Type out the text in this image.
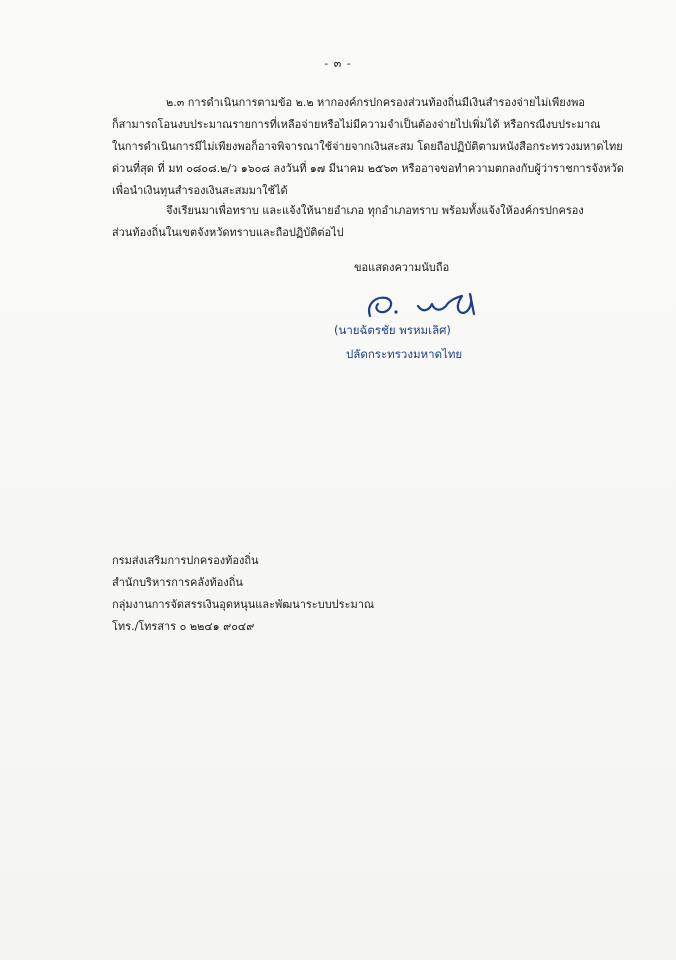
- ๓ -
๒.๓ การดำเนินการตามข้อ ๒.๒ หากองค์กรปกครองส่วนท้องถิ่นมีเงินสำรองจ่ายไม่เพียงพอ
ก็สามารถโอนงบประมาณรายการที่เหลือจ่ายหรือไม่มีความจำเป็นต้องจ่ายไปเพิ่มได้ หรือกรณีงบประมาณ
ในการดำเนินการมีไม่เพียงพอก็อาจพิจารณาใช้จ่ายจากเงินสะสม โดยถือปฏิบัติตามหนังสือกระทรวงมหาดไทย
ด่วนที่สุด ที่ มท ๐๘๐๘.๒/ว ๑๖๐๘ ลงวันที่ ๑๗ มีนาคม ๒๕๖๓ หรืออาจขอทำความตกลงกับผู้ว่าราชการจังหวัด
เพื่อนำเงินทุนสำรองเงินสะสมมาใช้ได้
จึงเรียนมาเพื่อทราบ และแจ้งให้นายอำเภอ ทุกอำเภอทราบ พร้อมทั้งแจ้งให้องค์กรปกครอง
ส่วนท้องถิ่นในเขตจังหวัดทราบและถือปฏิบัติต่อไป
ขอแสดงความนับถือ
(นายฉัตรชัย พรหมเลิศ)
ปลัดกระทรวงมหาดไทย
กรมส่งเสริมการปกครองท้องถิ่น
สำนักบริหารการคลังท้องถิ่น
กลุ่มงานการจัดสรรเงินอุดหนุนและพัฒนาระบบประมาณ
โทร./โทรสาร ๐ ๒๒๔๑ ๙๐๔๙
